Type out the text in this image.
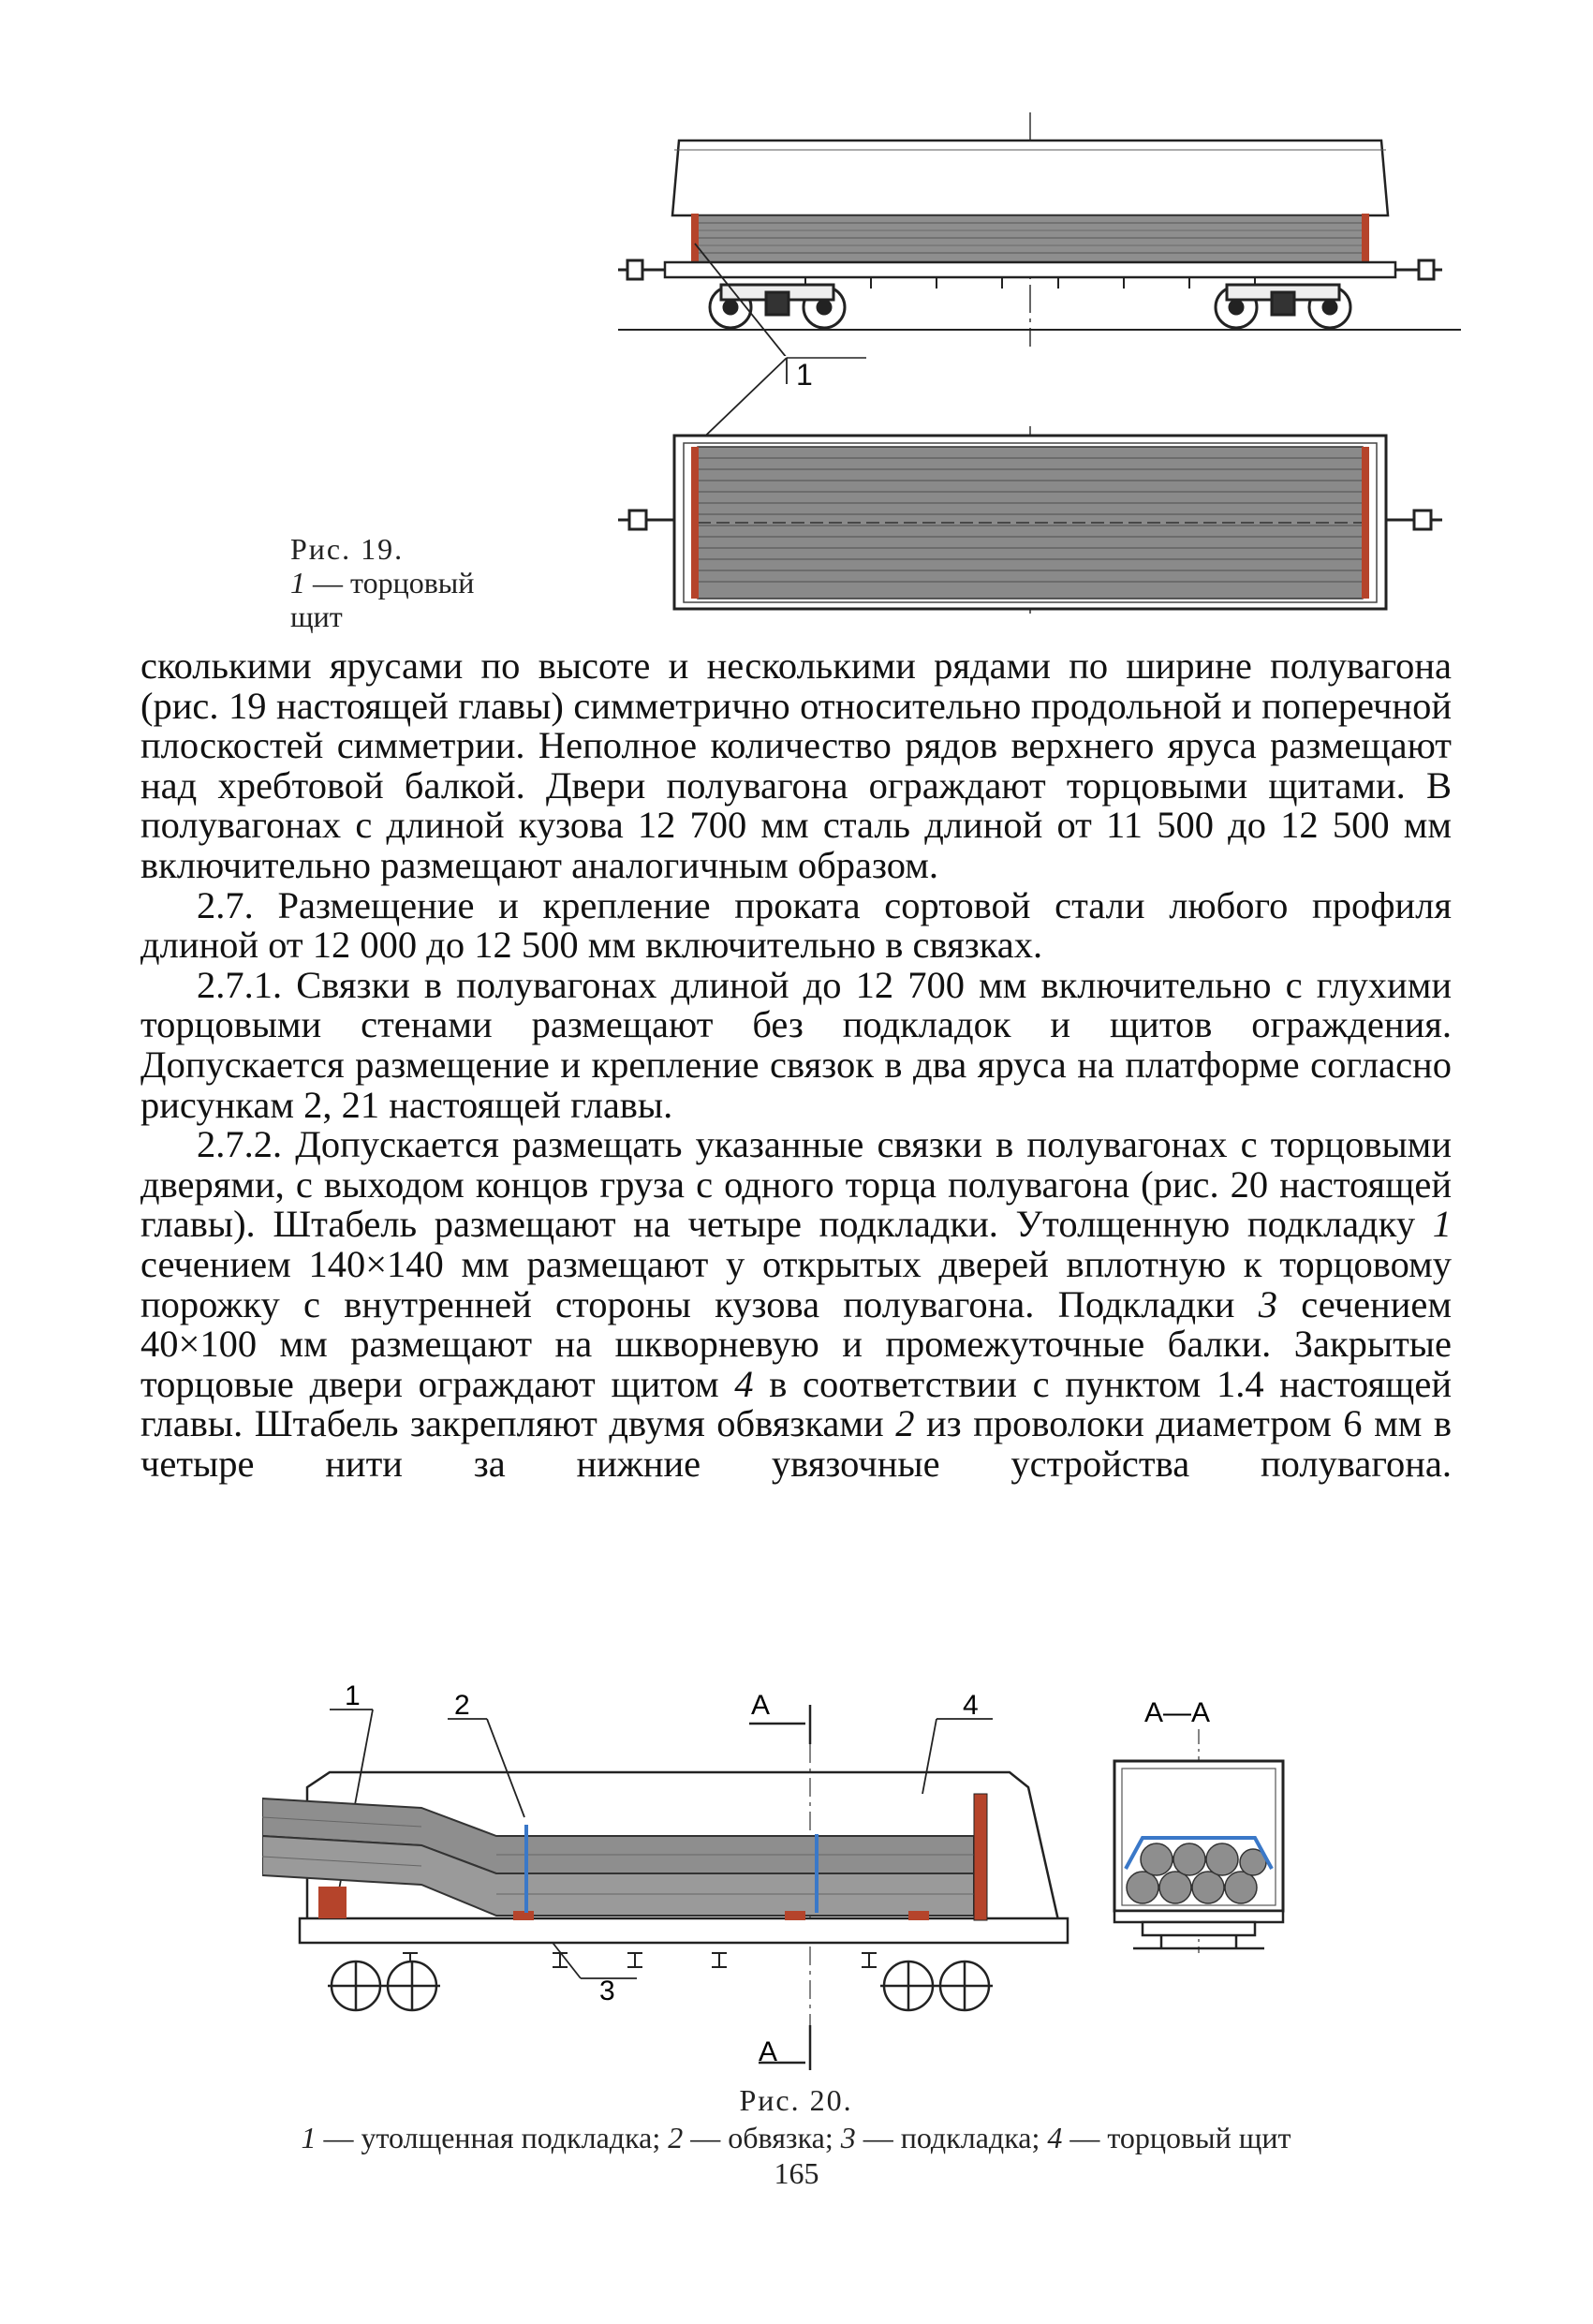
1
Рис. 19.
1 — торцовый щит

сколькими ярусами по высоте и несколькими рядами по ширине полувагона (рис. 19 настоящей главы) симметрично относительно продольной и поперечной плоскостей симметрии. Неполное количество рядов верхнего яруса размещают над хребтовой балкой. Двери полувагона ограждают торцовыми щитами. В полувагонах с длиной кузова 12 700 мм сталь длиной от 11 500 до 12 500 мм включительно размещают аналогичным образом.

2.7. Размещение и крепление проката сортовой стали любого профиля длиной от 12 000 до 12 500 мм включительно в связках.

2.7.1. Связки в полувагонах длиной до 12 700 мм включительно с глухими торцовыми стенами размещают без подкладок и щитов ограждения. Допускается размещение и крепление связок в два яруса на платформе согласно рисункам 2, 21 настоящей главы.

2.7.2. Допускается размещать указанные связки в полувагонах с торцовыми дверями, с выходом концов груза с одного торца полувагона (рис. 20 настоящей главы). Штабель размещают на четыре подкладки. Утолщенную подкладку 1 сечением 140×140 мм размещают у открытых дверей вплотную к торцовому порожку с внутренней стороны кузова полувагона. Подкладки 3 сечением 40×100 мм размещают на шкворневую и промежуточные балки. Закрытые торцовые двери ограждают щитом 4 в соответствии с пунктом 1.4 настоящей главы. Штабель закрепляют двумя обвязками 2 из проволоки диаметром 6 мм в четыре нити за нижние увязочные устройства полувагона.

1	2	A	4
3
A
A—A
Рис. 20.
1 — утолщенная подкладка; 2 — обвязка; 3 — подкладка; 4 — торцовый щит
165
